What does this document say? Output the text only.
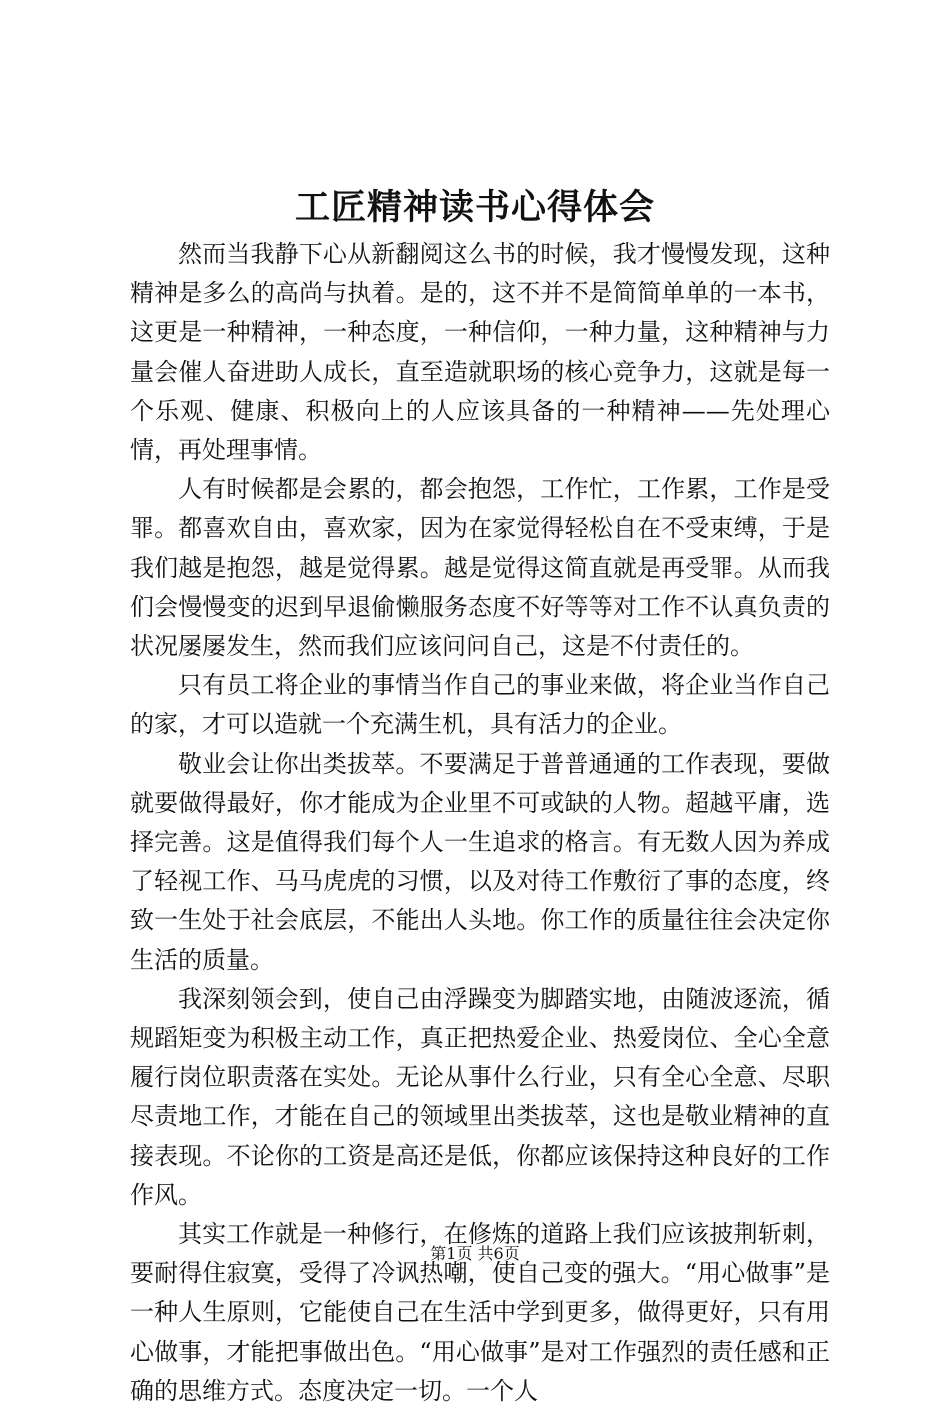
工匠精神读书心得体会

然而当我静下心从新翻阅这么书的时候，我才慢慢发现，这种精神是多么的高尚与执着。是的，这不并不是简简单单的一本书，这更是一种精神，一种态度，一种信仰，一种力量，这种精神与力量会催人奋进助人成长，直至造就职场的核心竞争力，这就是每一个乐观、健康、积极向上的人应该具备的一种精神——先处理心情，再处理事情。

人有时候都是会累的，都会抱怨，工作忙，工作累，工作是受罪。都喜欢自由，喜欢家，因为在家觉得轻松自在不受束缚，于是我们越是抱怨，越是觉得累。越是觉得这简直就是再受罪。从而我们会慢慢变的迟到早退偷懒服务态度不好等等对工作不认真负责的状况屡屡发生，然而我们应该问问自己，这是不付责任的。

只有员工将企业的事情当作自己的事业来做，将企业当作自己的家，才可以造就一个充满生机，具有活力的企业。

敬业会让你出类拔萃。不要满足于普普通通的工作表现，要做就要做得最好，你才能成为企业里不可或缺的人物。超越平庸，选择完善。这是值得我们每个人一生追求的格言。有无数人因为养成了轻视工作、马马虎虎的习惯，以及对待工作敷衍了事的态度，终致一生处于社会底层，不能出人头地。你工作的质量往往会决定你生活的质量。

我深刻领会到，使自己由浮躁变为脚踏实地，由随波逐流，循规蹈矩变为积极主动工作，真正把热爱企业、热爱岗位、全心全意履行岗位职责落在实处。无论从事什么行业，只有全心全意、尽职尽责地工作，才能在自己的领域里出类拔萃，这也是敬业精神的直接表现。不论你的工资是高还是低，你都应该保持这种良好的工作作风。

其实工作就是一种修行，在修炼的道路上我们应该披荆斩刺，要耐得住寂寞，受得了冷讽热嘲，使自己变的强大。“用心做事”是一种人生原则，它能使自己在生活中学到更多，做得更好，只有用心做事，才能把事做出色。“用心做事”是对工作强烈的责任感和正确的思维方式。态度决定一切。一个人

第1页 共6页
